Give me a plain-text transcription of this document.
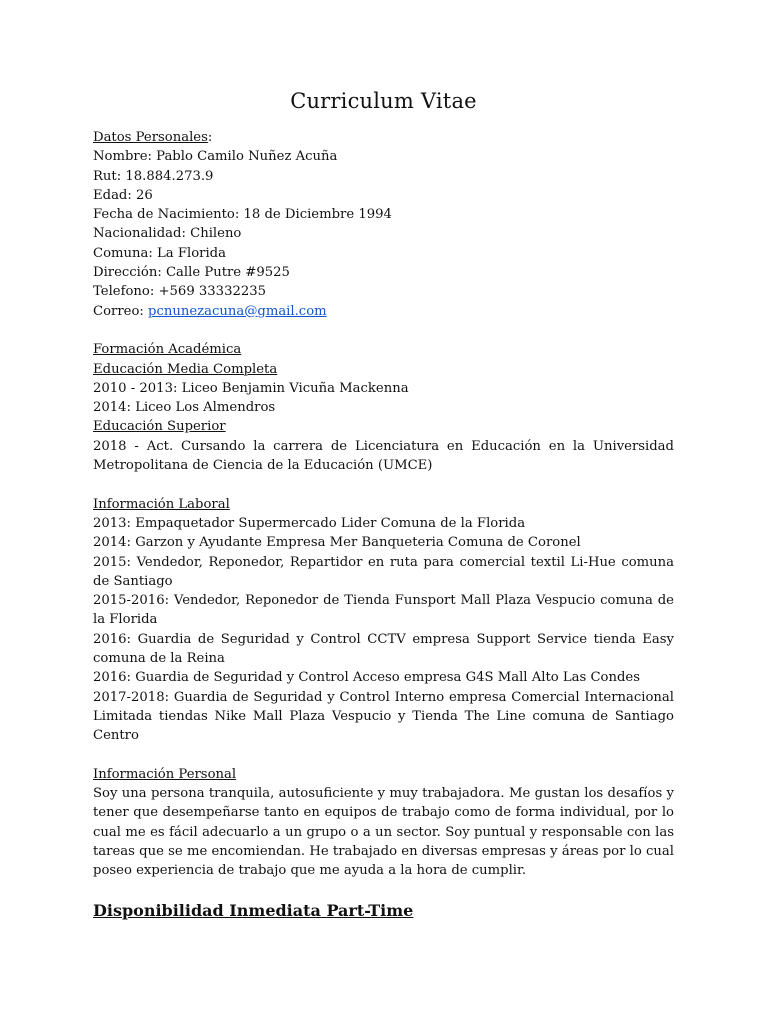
Curriculum Vitae

Datos Personales:

Nombre: Pablo Camilo Nuñez Acuña

Rut: 18.884.273.9

Edad: 26

Fecha de Nacimiento: 18 de Diciembre 1994

Nacionalidad: Chileno

Comuna: La Florida

Dirección: Calle Putre #9525

Telefono: +569 33332235

Correo: pcnunezacuna@gmail.com

Formación Académica

Educación Media Completa

2010 - 2013: Liceo Benjamin Vicuña Mackenna

2014: Liceo Los Almendros

Educación Superior

2018 - Act. Cursando la carrera de Licenciatura en Educación en la Universidad Metropolitana de Ciencia de la Educación (UMCE)

Información Laboral

2013: Empaquetador Supermercado Lider Comuna de la Florida

2014: Garzon y Ayudante Empresa Mer Banqueteria Comuna de Coronel

2015: Vendedor, Reponedor, Repartidor en ruta para comercial textil Li-Hue comuna de Santiago

2015-2016: Vendedor, Reponedor de Tienda Funsport Mall Plaza Vespucio comuna de la Florida

2016: Guardia de Seguridad y Control CCTV empresa Support Service tienda Easy comuna de la Reina

2016: Guardia de Seguridad y Control Acceso empresa G4S Mall Alto Las Condes

2017-2018: Guardia de Seguridad y Control Interno empresa Comercial Internacional Limitada tiendas Nike Mall Plaza Vespucio y Tienda The Line comuna de Santiago Centro

Información Personal

Soy una persona tranquila, autosuficiente y muy trabajadora. Me gustan los desafíos y tener que desempeñarse tanto en equipos de trabajo como de forma individual, por lo cual me es fácil adecuarlo a un grupo o a un sector. Soy puntual y responsable con las tareas que se me encomiendan. He trabajado en diversas empresas y áreas por lo cual poseo experiencia de trabajo que me ayuda a la hora de cumplir.

Disponibilidad Inmediata Part-Time
